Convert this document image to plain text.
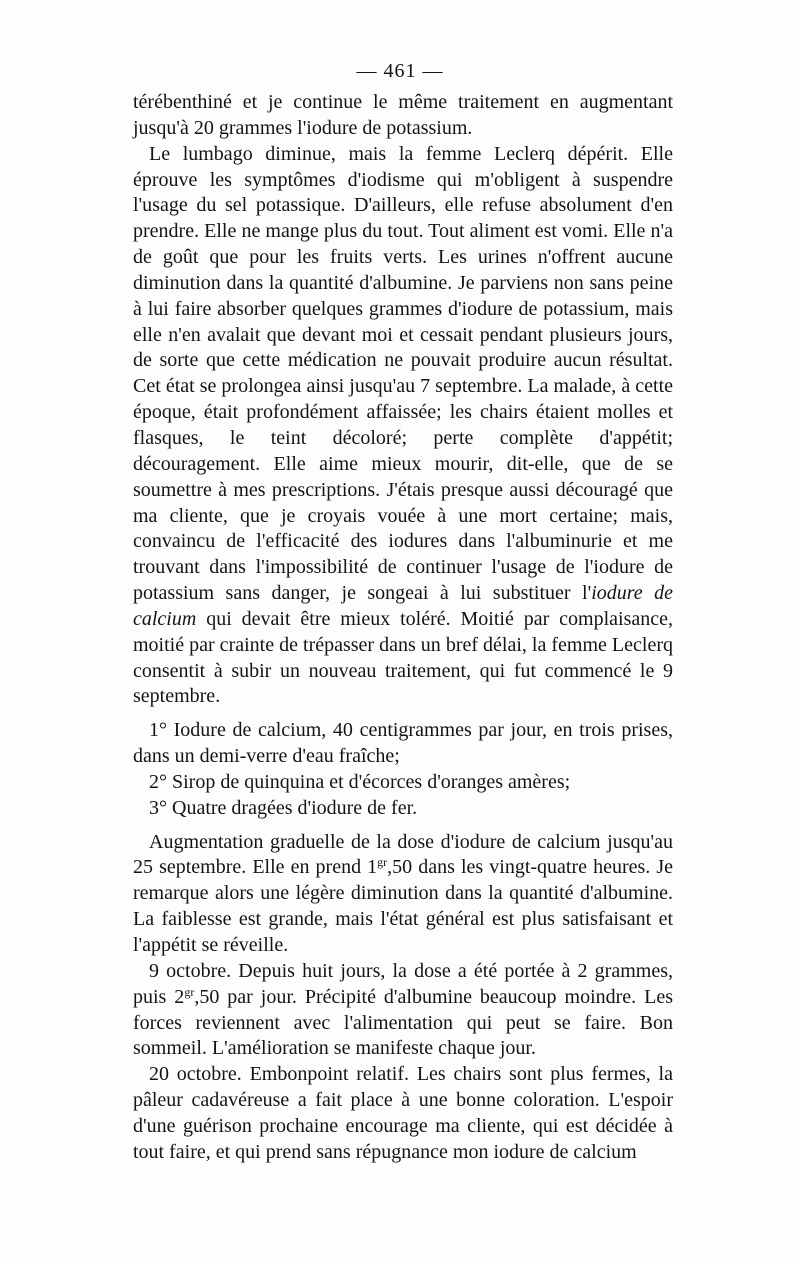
— 461 —

térébenthiné et je continue le même traitement en augmentant jusqu'à 20 grammes l'iodure de potassium.

Le lumbago diminue, mais la femme Leclerq dépérit. Elle éprouve les symptômes d'iodisme qui m'obligent à suspendre l'usage du sel potassique. D'ailleurs, elle refuse absolument d'en prendre. Elle ne mange plus du tout. Tout aliment est vomi. Elle n'a de goût que pour les fruits verts. Les urines n'offrent aucune diminution dans la quantité d'albumine. Je parviens non sans peine à lui faire absorber quelques grammes d'iodure de potassium, mais elle n'en avalait que devant moi et cessait pendant plusieurs jours, de sorte que cette médication ne pouvait produire aucun résultat. Cet état se prolongea ainsi jusqu'au 7 septembre. La malade, à cette époque, était profondément affaissée; les chairs étaient molles et flasques, le teint décoloré; perte complète d'appétit; découragement. Elle aime mieux mourir, dit-elle, que de se soumettre à mes prescriptions. J'étais presque aussi découragé que ma cliente, que je croyais vouée à une mort certaine; mais, convaincu de l'efficacité des iodures dans l'albuminurie et me trouvant dans l'impossibilité de continuer l'usage de l'iodure de potassium sans danger, je songeai à lui substituer l'iodure de calcium qui devait être mieux toléré. Moitié par complaisance, moitié par crainte de trépasser dans un bref délai, la femme Leclerq consentit à subir un nouveau traitement, qui fut commencé le 9 septembre.

1° Iodure de calcium, 40 centigrammes par jour, en trois prises, dans un demi-verre d'eau fraîche;

2° Sirop de quinquina et d'écorces d'oranges amères;

3° Quatre dragées d'iodure de fer.

Augmentation graduelle de la dose d'iodure de calcium jusqu'au 25 septembre. Elle en prend $1^{gr},50$ dans les vingt-quatre heures. Je remarque alors une légère diminution dans la quantité d'albumine. La faiblesse est grande, mais l'état général est plus satisfaisant et l'appétit se réveille.

9 octobre. Depuis huit jours, la dose a été portée à 2 grammes, puis $2^{gr},50$ par jour. Précipité d'albumine beaucoup moindre. Les forces reviennent avec l'alimentation qui peut se faire. Bon sommeil. L'amélioration se manifeste chaque jour.

20 octobre. Embonpoint relatif. Les chairs sont plus fermes, la pâleur cadavéreuse a fait place à une bonne coloration. L'espoir d'une guérison prochaine encourage ma cliente, qui est décidée à tout faire, et qui prend sans répugnance mon iodure de calcium
